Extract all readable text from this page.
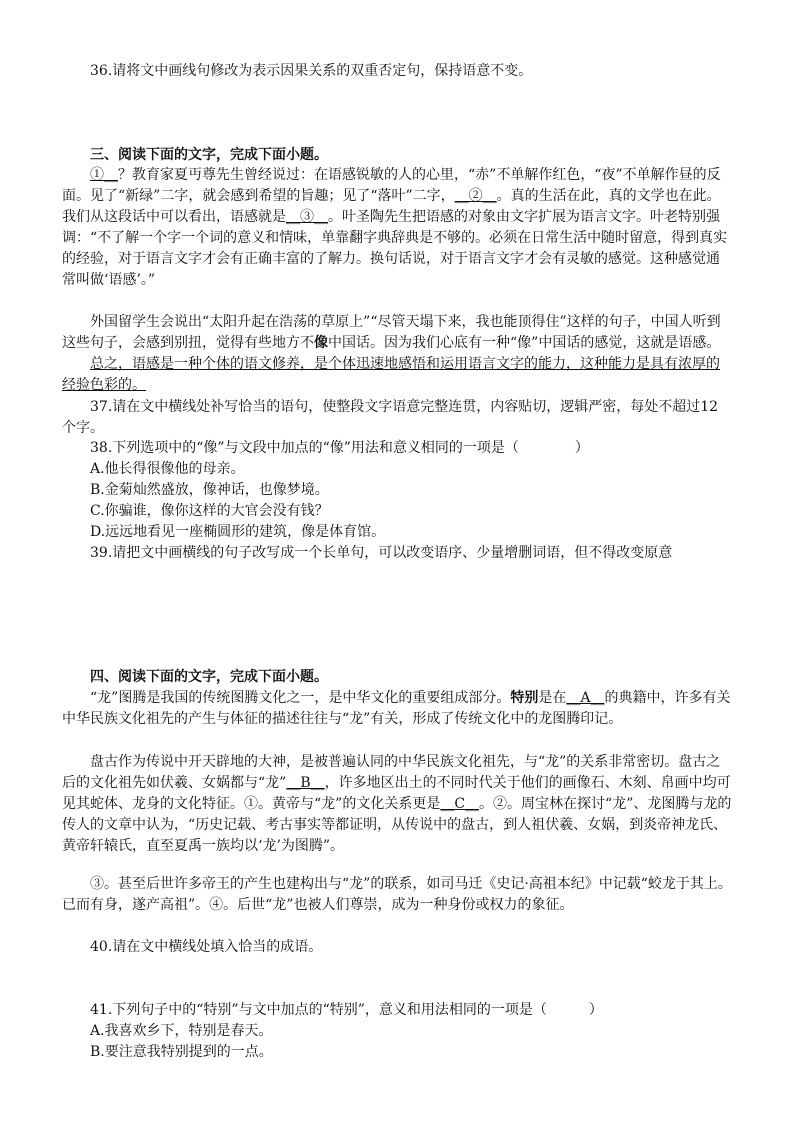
36.请将文中画线句修改为表示因果关系的双重否定句，保持语意不变。

三、阅读下面的文字，完成下面小题。

①__？教育家夏丏尊先生曾经说过：在语感锐敏的人的心里，“赤”不单解作红色，“夜”不单解作昼的反面。见了“新绿”二字，就会感到希望的旨趣；见了“落叶”二字，__②__。真的生活在此，真的文学也在此。我们从这段话中可以看出，语感就是__③__。叶圣陶先生把语感的对象由文字扩展为语言文字。叶老特别强调：“不了解一个字一个词的意义和情味，单靠翻字典辞典是不够的。必须在日常生活中随时留意，得到真实的经验，对于语言文字才会有正确丰富的了解力。换句话说，对于语言文字才会有灵敏的感觉。这种感觉通常叫做‘语感’。”

外国留学生会说出“太阳升起在浩荡的草原上”“尽管天塌下来，我也能顶得住”这样的句子，中国人听到这些句子，会感到别扭，觉得有些地方不像中国话。因为我们心底有一种“像”中国话的感觉，这就是语感。

总之，语感是一种个体的语文修养，是个体迅速地感悟和运用语言文字的能力，这种能力是具有浓厚的经验色彩的。

37.请在文中横线处补写恰当的语句，使整段文字语意完整连贯，内容贴切，逻辑严密，每处不超过12个字。

38.下列选项中的“像”与文段中加点的“像”用法和意义相同的一项是（　　　　）

A.他长得很像他的母亲。

B.金菊灿然盛放，像神话，也像梦境。

C.你骗谁，像你这样的大官会没有钱？

D.远远地看见一座椭圆形的建筑，像是体育馆。

39.请把文中画横线的句子改写成一个长单句，可以改变语序、少量增删词语，但不得改变原意

四、阅读下面的文字，完成下面小题。

“龙”图腾是我国的传统图腾文化之一，是中华文化的重要组成部分。特别是在__A__的典籍中，许多有关中华民族文化祖先的产生与体征的描述往往与“龙”有关，形成了传统文化中的龙图腾印记。

盘古作为传说中开天辟地的大神，是被普遍认同的中华民族文化祖先，与“龙”的关系非常密切。盘古之后的文化祖先如伏羲、女娲都与“龙”__B__，许多地区出土的不同时代关于他们的画像石、木刻、帛画中均可见其蛇体、龙身的文化特征。①。黄帝与“龙”的文化关系更是__C__。②。周宝林在探讨“龙”、龙图腾与龙的传人的文章中认为，“历史记载、考古事实等都证明，从传说中的盘古，到人祖伏羲、女娲，到炎帝神龙氏、黄帝轩辕氏，直至夏禹一族均以‘龙’为图腾”。

③。甚至后世许多帝王的产生也建构出与“龙”的联系，如司马迁《史记·高祖本纪》中记载“蛟龙于其上。已而有身，遂产高祖”。④。后世“龙”也被人们尊崇，成为一种身份或权力的象征。

40.请在文中横线处填入恰当的成语。

41.下列句子中的“特别”与文中加点的“特别”，意义和用法相同的一项是（　　　）

A.我喜欢乡下，特别是春天。

B.要注意我特别提到的一点。
